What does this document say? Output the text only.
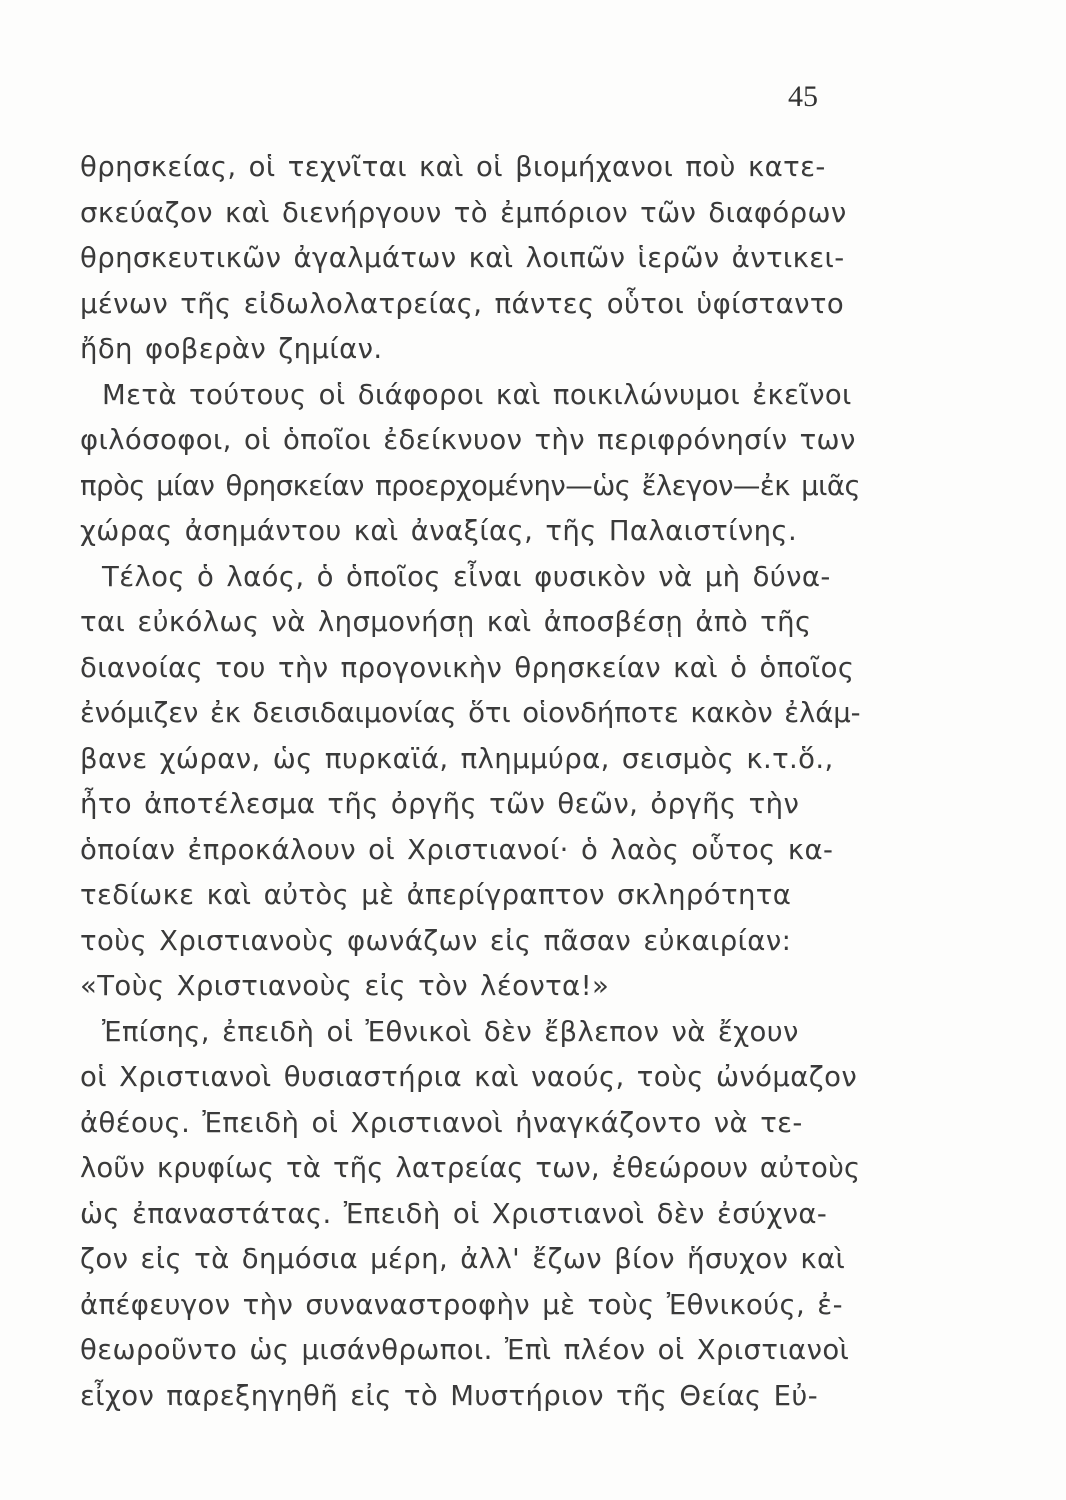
45
θρησκείας, οἱ τεχνῖται καὶ οἱ βιομήχανοι ποὺ κατε-
σκεύαζον καὶ διενήργουν τὸ ἐμπόριον τῶν διαφόρων
θρησκευτικῶν ἀγαλμάτων καὶ λοιπῶν ἱερῶν ἀντικει-
μένων τῆς εἰδωλολατρείας, πάντες οὗτοι ὑφίσταντο
ἤδη φοβερὰν ζημίαν.
Μετὰ τούτους οἱ διάφοροι καὶ ποικιλώνυμοι ἐκεῖνοι
φιλόσοφοι, οἱ ὁποῖοι ἐδείκνυον τὴν περιφρόνησίν των
πρὸς μίαν θρησκείαν προερχομένην—ὡς ἔλεγον—ἐκ μιᾶς
χώρας ἀσημάντου καὶ ἀναξίας, τῆς Παλαιστίνης.
Τέλος ὁ λαός, ὁ ὁποῖος εἶναι φυσικὸν νὰ μὴ δύνα-
ται εὐκόλως νὰ λησμονήσῃ καὶ ἀποσβέσῃ ἀπὸ τῆς
διανοίας του τὴν προγονικὴν θρησκείαν καὶ ὁ ὁποῖος
ἐνόμιζεν ἐκ δεισιδαιμονίας ὅτι οἱονδήποτε κακὸν ἐλάμ-
βανε χώραν, ὡς πυρκαϊά, πλημμύρα, σεισμὸς κ.τ.ὅ.,
ἦτο ἀποτέλεσμα τῆς ὀργῆς τῶν θεῶν, ὀργῆς τὴν
ὁποίαν ἐπροκάλουν οἱ Χριστιανοί· ὁ λαὸς οὗτος κα-
τεδίωκε καὶ αὐτὸς μὲ ἀπερίγραπτον σκληρότητα
τοὺς Χριστιανοὺς φωνάζων εἰς πᾶσαν εὐκαιρίαν:
«Τοὺς Χριστιανοὺς εἰς τὸν λέοντα!»
Ἐπίσης, ἐπειδὴ οἱ Ἐθνικοὶ δὲν ἔβλεπον νὰ ἔχουν
οἱ Χριστιανοὶ θυσιαστήρια καὶ ναούς, τοὺς ὠνόμαζον
ἀθέους. Ἐπειδὴ οἱ Χριστιανοὶ ἠναγκάζοντο νὰ τε-
λοῦν κρυφίως τὰ τῆς λατρείας των, ἐθεώρουν αὐτοὺς
ὡς ἐπαναστάτας. Ἐπειδὴ οἱ Χριστιανοὶ δὲν ἐσύχνα-
ζον εἰς τὰ δημόσια μέρη, ἀλλ' ἔζων βίον ἥσυχον καὶ
ἀπέφευγον τὴν συναναστροφὴν μὲ τοὺς Ἐθνικούς, ἐ-
θεωροῦντο ὡς μισάνθρωποι. Ἐπὶ πλέον οἱ Χριστιανοὶ
εἶχον παρεξηγηθῆ εἰς τὸ Μυστήριον τῆς Θείας Εὐ-
